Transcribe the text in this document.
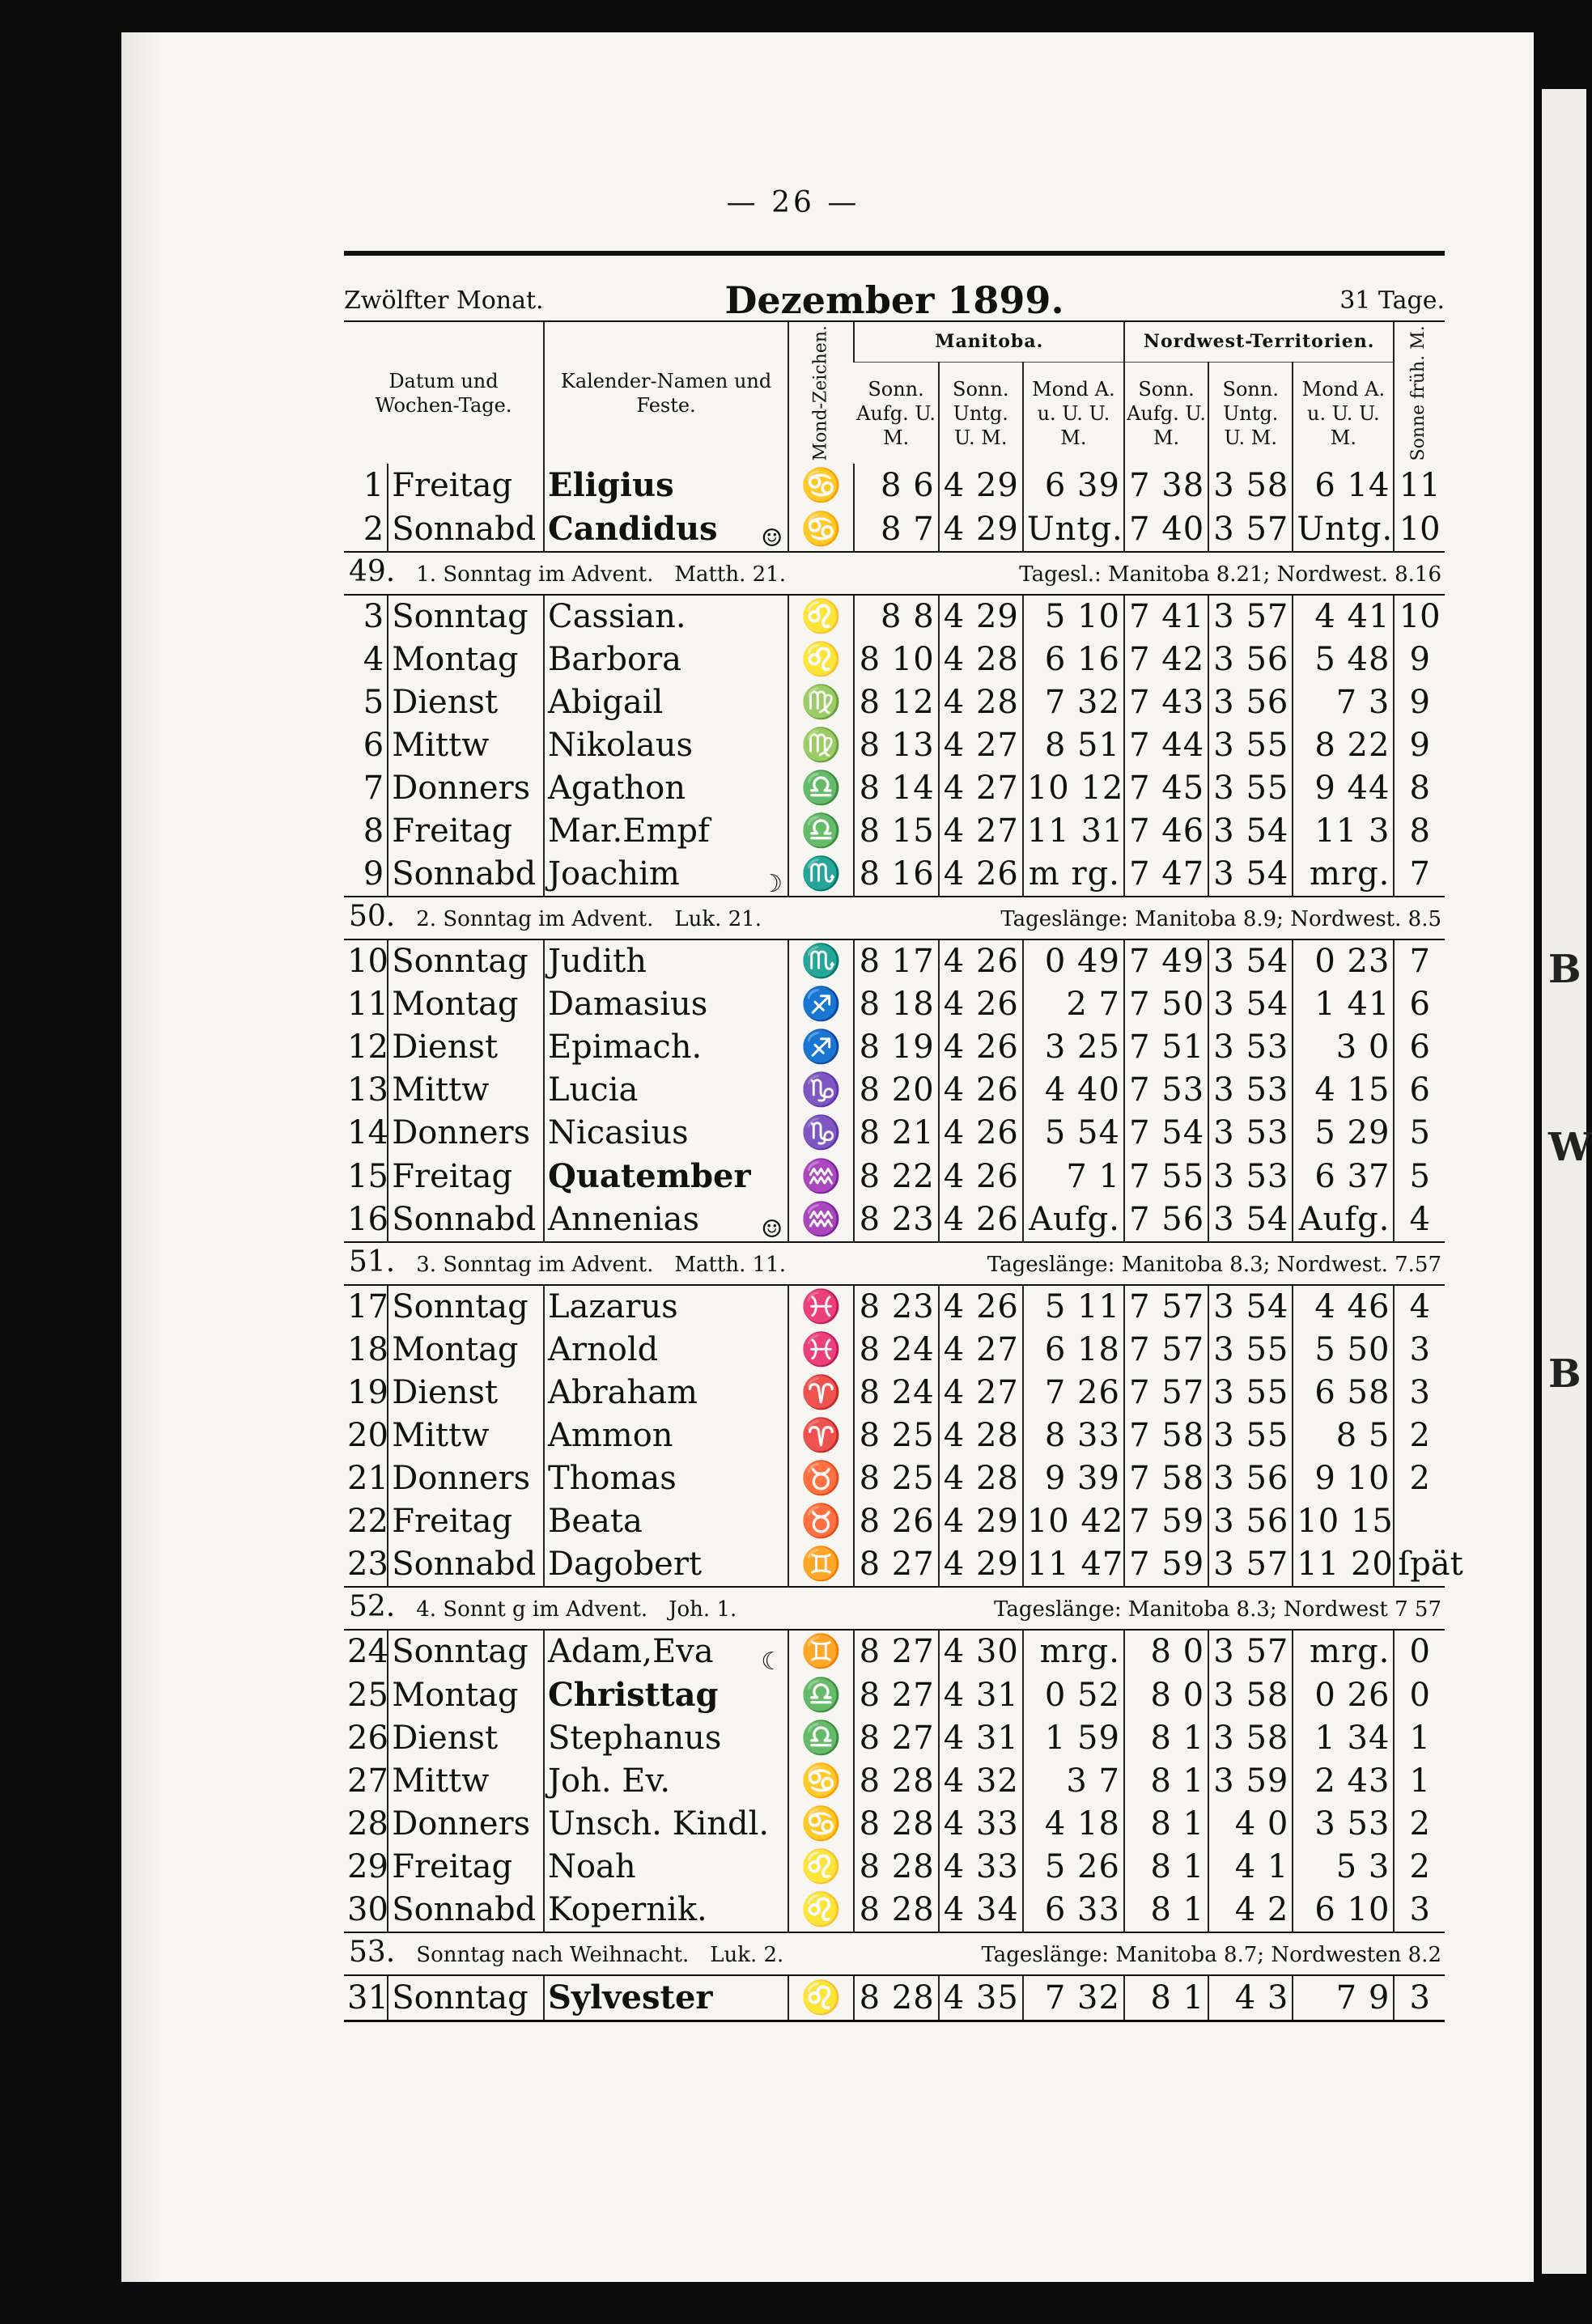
B
W
B
— 26 —
Zwölfter Monat.	Dezember 1899.	31 Tage.
Datum und Wochen-Tage.		Kalender-Namen und Feste.	Mond-Zeichen.	Manitoba.			Nordwest-Territorien.			Sonne früh. M.
				Sonn. Aufg. U. M.	Sonn. Untg. U. M.	Mond A. u. U. U. M.	Sonn. Aufg. U. M.	Sonn. Untg. U. M.	Mond A. u. U. U. M.	
1	Freitag	Eligius	♋	8 6	4 29	6 39	7 38	3 58	6 14	11
2	Sonnabd	Candidus ☺	♋	8 7	4 29	Untg.	7 40	3 57	Untg.	10

49. 1. Sonntag im Advent. Matth. 21. Tagesl.: Manitoba 8.21; Nordwest. 8.16										

3	Sonntag	Cassian.	♌	8 8	4 29	5 10	7 41	3 57	4 41	10
4	Montag	Barbora	♌	8 10	4 28	6 16	7 42	3 56	5 48	9
5	Dienst	Abigail	♍	8 12	4 28	7 32	7 43	3 56	7 3	9
6	Mittw	Nikolaus	♍	8 13	4 27	8 51	7 44	3 55	8 22	9
7	Donners	Agathon	♎	8 14	4 27	10 12	7 45	3 55	9 44	8
8	Freitag	Mar.Empf	♎	8 15	4 27	11 31	7 46	3 54	11 3	8
9	Sonnabd	Joachim ☽	♏	8 16	4 26	m rg.	7 47	3 54	mrg.	7

50. 2. Sonntag im Advent. Luk. 21. Tageslänge: Manitoba 8.9; Nordwest. 8.5										

10	Sonntag	Judith	♏	8 17	4 26	0 49	7 49	3 54	0 23	7
11	Montag	Damasius	♐	8 18	4 26	2 7	7 50	3 54	1 41	6
12	Dienst	Epimach.	♐	8 19	4 26	3 25	7 51	3 53	3 0	6
13	Mittw	Lucia	♑	8 20	4 26	4 40	7 53	3 53	4 15	6
14	Donners	Nicasius	♑	8 21	4 26	5 54	7 54	3 53	5 29	5
15	Freitag	Quatember	♒	8 22	4 26	7 1	7 55	3 53	6 37	5
16	Sonnabd	Annenias ☺	♒	8 23	4 26	Aufg.	7 56	3 54	Aufg.	4

51. 3. Sonntag im Advent. Matth. 11. Tageslänge: Manitoba 8.3; Nordwest. 7.57										

17	Sonntag	Lazarus	♓	8 23	4 26	5 11	7 57	3 54	4 46	4
18	Montag	Arnold	♓	8 24	4 27	6 18	7 57	3 55	5 50	3
19	Dienst	Abraham	♈	8 24	4 27	7 26	7 57	3 55	6 58	3
20	Mittw	Ammon	♈	8 25	4 28	8 33	7 58	3 55	8 5	2
21	Donners	Thomas	♉	8 25	4 28	9 39	7 58	3 56	9 10	2
22	Freitag	Beata	♉	8 26	4 29	10 42	7 59	3 56	10 15	
23	Sonnabd	Dagobert	♊	8 27	4 29	11 47	7 59	3 57	11 20	ſpät

52. 4. Sonnt g im Advent. Joh. 1. Tageslänge: Manitoba 8.3; Nordwest 7 57										

24	Sonntag	Adam,Eva ☾	♊	8 27	4 30	mrg.	8 0	3 57	mrg.	0
25	Montag	Christtag	♎	8 27	4 31	0 52	8 0	3 58	0 26	0
26	Dienst	Stephanus	♎	8 27	4 31	1 59	8 1	3 58	1 34	1
27	Mittw	Joh. Ev.	♋	8 28	4 32	3 7	8 1	3 59	2 43	1
28	Donners	Unsch. Kindl.	♋	8 28	4 33	4 18	8 1	4 0	3 53	2
29	Freitag	Noah	♌	8 28	4 33	5 26	8 1	4 1	5 3	2
30	Sonnabd	Kopernik.	♌	8 28	4 34	6 33	8 1	4 2	6 10	3

53. Sonntag nach Weihnacht. Luk. 2. Tageslänge: Manitoba 8.7; Nordwesten 8.2										

31	Sonntag	Sylvester	♌	8 28	4 35	7 32	8 1	4 3	7 9	3
